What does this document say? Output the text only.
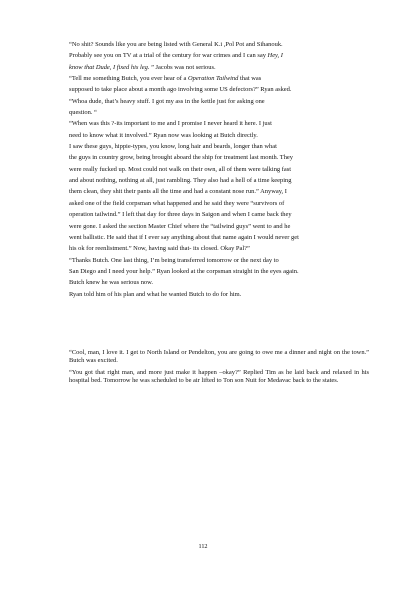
“No shit? Sounds like you are being listed with General K.i ,Pol Pot and Sihanouk.
Probably see you on TV at a trial of the century for war crimes and I can say Hey, I
know that Dude, I fixed his leg. ” Jacobs was not serious.
“Tell me something Butch, you ever hear of a Operation Tailwind that was
supposed to take place about a month ago involving some US defectors?” Ryan asked.
“Whoa dude, that’s heavy stuff. I got my ass in the kettle just for asking one
question. “
“When was this ?-its important to me and I promise I never heard it here. I just
need to know what it involved.” Ryan now was looking at Butch directly.
I saw these guys, hippie-types, you know, long hair and beards, longer than what
the guys in country grow, being brought aboard the ship for treatment last month. They
were really fucked up. Most could not walk on their own, all of them were talking fast
and about nothing, nothing at all, just rambling. They also had a hell of a time keeping
them clean, they shit their pants all the time and had a constant nose run.” Anyway, I
asked one of the field corpsman what happened and he said they were “survivors of
operation tailwind.” I left that day for three days in Saigon and when I came back they
were gone. I asked the section Master Chief where the “tailwind guys” went to and he
went ballistic. He said that if I ever say anything about that name again I would never get
his ok for reenlistment.” Now, having said that- its closed. Okay Pal?”
“Thanks Butch. One last thing, I’m being transferred tomorrow or the next day to
San Diego and I need your help.” Ryan looked at the corpsman straight in the eyes again.
Butch knew he was serious now.
Ryan told him of his plan and what he wanted Butch to do for him.

“Cool, man, I love it. I get to North Island or Pendelton, you are going to owe me a dinner and night on the town.” Butch was excited.

“You got that right man, and more just make it happen –okay?” Replied Tim as he laid back and relaxed in his hospital bed. Tomorrow he was scheduled to be air lifted to Ton son Nuit for Medavac back to the states.

112
